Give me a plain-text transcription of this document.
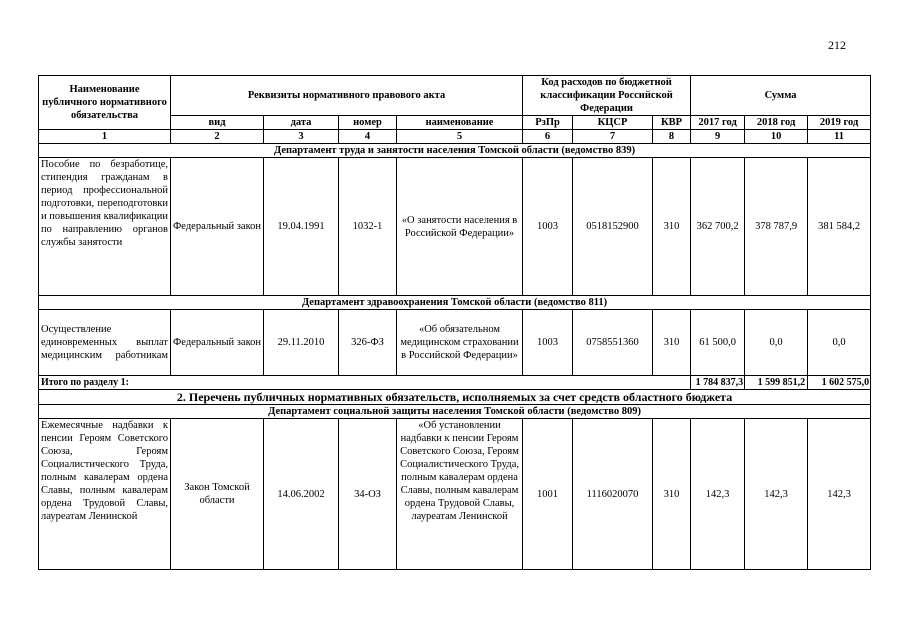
212
Наименование публичного нормативного обязательства	Реквизиты нормативного правового акта				Код расходов по бюджетной классификации Российской Федерации			Сумма		
	вид	дата	номер	наименование	РзПр	КЦСР	КВР	2017 год	2018 год	2019 год
1	2	3	4	5	6	7	8	9	10	11
Департамент труда и занятости населения Томской области (ведомство 839)										
Пособие по безработице, стипендия гражданам в период профессиональной подготовки, переподготовки и повышения квалификации по направлению органов службы занятости	Федеральный закон	19.04.1991	1032-1	«О занятости населения в Российской Федерации»	1003	0518152900	310	362 700,2	378 787,9	381 584,2
Департамент здравоохранения Томской области (ведомство 811)										
Осуществление единовременных выплат медицинским работникам	Федеральный закон	29.11.2010	326-ФЗ	«Об обязательном медицинском страховании в Российской Федерации»	1003	0758551360	310	61 500,0	0,0	0,0
Итого по разделу 1:								1 784 837,3	1 599 851,2	1 602 575,0
2. Перечень публичных нормативных обязательств, исполняемых за счет средств областного бюджета										
Департамент социальной защиты населения Томской области (ведомство 809)										

Ежемесячные надбавки к пенсии Героям Советского Союза, Героям Социалистического Труда, полным кавалерам ордена Славы, полным кавалерам ордена Трудовой Славы, лауреатам Ленинской	Закон Томской области	14.06.2002	34-ОЗ	«Об установлении надбавки к пенсии Героям Советского Союза, Героям Социалистического Труда, полным кавалерам ордена Славы, полным кавалерам ордена Трудовой Славы, лауреатам Ленинской	1001	1116020070	310	142,3	142,3	142,3
